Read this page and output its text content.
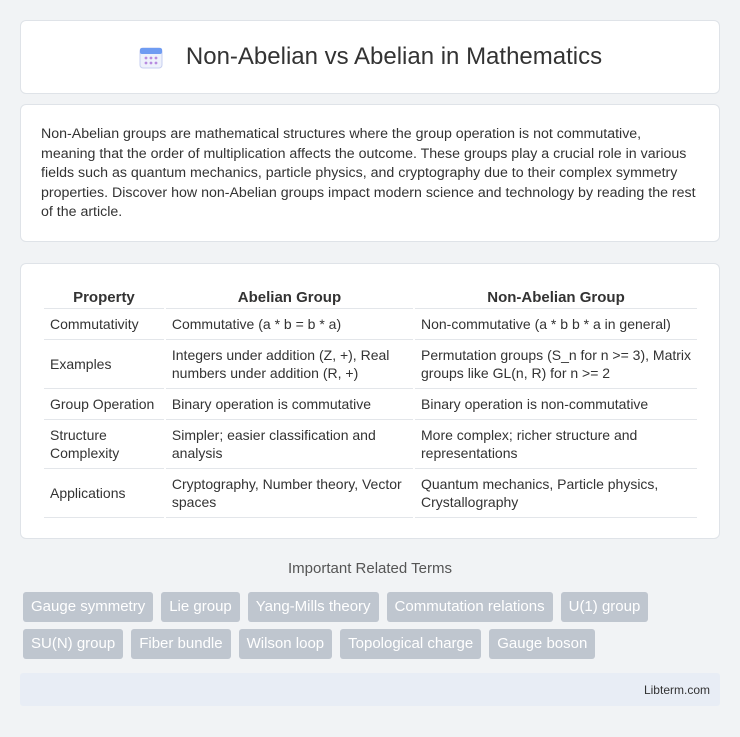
Non-Abelian vs Abelian in Mathematics

Non-Abelian groups are mathematical structures where the group operation is not commutative, meaning that the order of multiplication affects the outcome. These groups play a crucial role in various fields such as quantum mechanics, particle physics, and cryptography due to their complex symmetry properties. Discover how non-Abelian groups impact modern science and technology by reading the rest of the article.

Property	Abelian Group	Non-Abelian Group
Commutativity	Commutative (a * b = b * a)	Non-commutative (a * b b * a in general)
Examples	Integers under addition (Z, +), Real numbers under addition (R, +)	Permutation groups (S_n for n >= 3), Matrix groups like GL(n, R) for n >= 2
Group Operation	Binary operation is commutative	Binary operation is non-commutative
Structure Complexity	Simpler; easier classification and analysis	More complex; richer structure and representations
Applications	Cryptography, Number theory, Vector spaces	Quantum mechanics, Particle physics, Crystallography
Important Related Terms
Gauge symmetry	Lie group	Yang-Mills theory	Commutation relations	U(1) group
SU(N) group	Fiber bundle	Wilson loop	Topological charge	Gauge boson
Libterm.com
